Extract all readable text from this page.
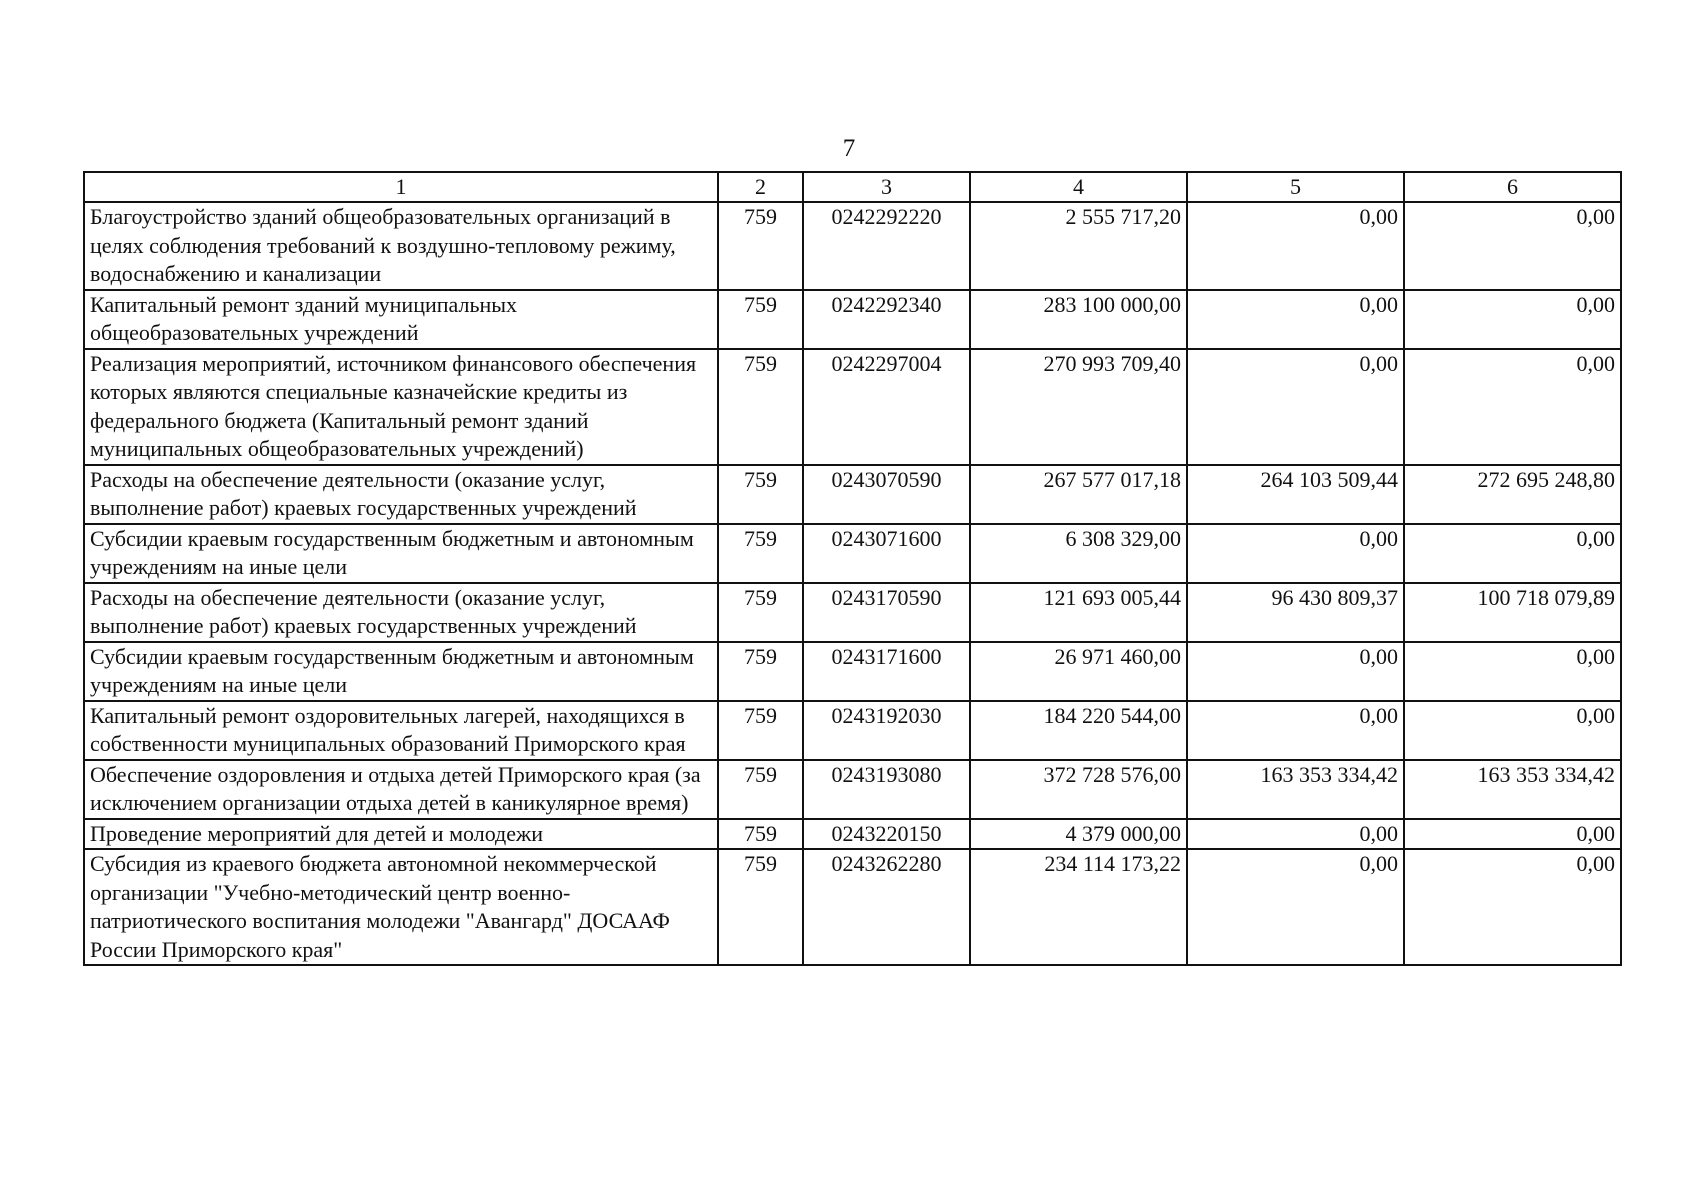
7
1	2	3	4	5	6
Благоустройство зданий общеобразовательных организаций в целях соблюдения требований к воздушно-тепловому режиму, водоснабжению и канализации	759	0242292220	2 555 717,20	0,00	0,00
Капитальный ремонт зданий муниципальных общеобразовательных учреждений	759	0242292340	283 100 000,00	0,00	0,00
Реализация мероприятий, источником финансового обеспечения которых являются специальные казначейские кредиты из федерального бюджета (Капитальный ремонт зданий муниципальных общеобразовательных учреждений)	759	0242297004	270 993 709,40	0,00	0,00
Расходы на обеспечение деятельности (оказание услуг, выполнение работ) краевых государственных учреждений	759	0243070590	267 577 017,18	264 103 509,44	272 695 248,80
Субсидии краевым государственным бюджетным и автономным учреждениям на иные цели	759	0243071600	6 308 329,00	0,00	0,00
Расходы на обеспечение деятельности (оказание услуг, выполнение работ) краевых государственных учреждений	759	0243170590	121 693 005,44	96 430 809,37	100 718 079,89
Субсидии краевым государственным бюджетным и автономным учреждениям на иные цели	759	0243171600	26 971 460,00	0,00	0,00
Капитальный ремонт оздоровительных лагерей, находящихся в собственности муниципальных образований Приморского края	759	0243192030	184 220 544,00	0,00	0,00
Обеспечение оздоровления и отдыха детей Приморского края (за исключением организации отдыха детей в каникулярное время)	759	0243193080	372 728 576,00	163 353 334,42	163 353 334,42
Проведение мероприятий для детей и молодежи	759	0243220150	4 379 000,00	0,00	0,00
Субсидия из краевого бюджета автономной некоммерческой организации "Учебно-методический центр военно-патриотического воспитания молодежи "Авангард" ДОСААФ России Приморского края"	759	0243262280	234 114 173,22	0,00	0,00
